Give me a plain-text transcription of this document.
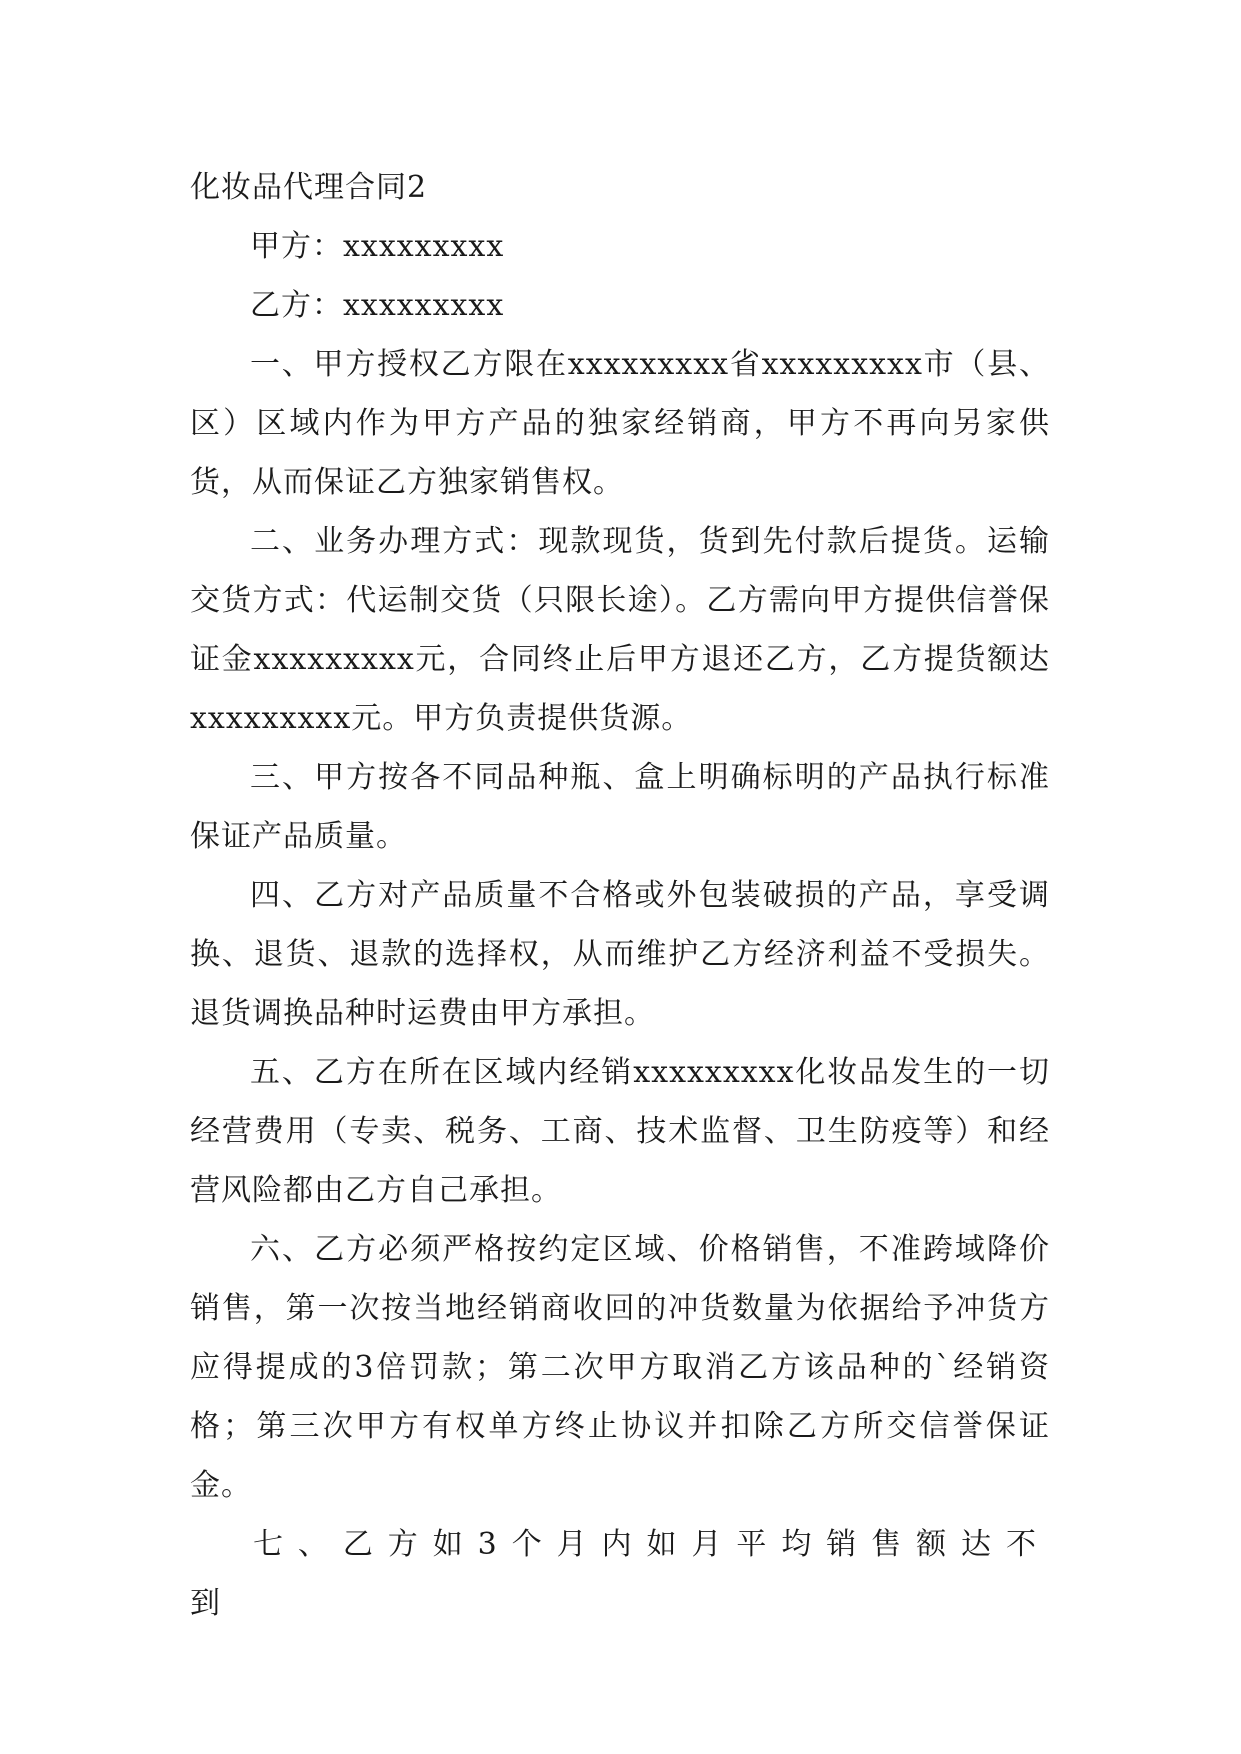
化妆品代理合同2

甲方：xxxxxxxxx

乙方：xxxxxxxxx

一、甲方授权乙方限在xxxxxxxxx省xxxxxxxxx市（县、区）区域内作为甲方产品的独家经销商，甲方不再向另家供货，从而保证乙方独家销售权。

二、业务办理方式：现款现货，货到先付款后提货。运输交货方式：代运制交货（只限长途）。乙方需向甲方提供信誉保证金xxxxxxxxx元，合同终止后甲方退还乙方，乙方提货额达xxxxxxxxx元。甲方负责提供货源。

三、甲方按各不同品种瓶、盒上明确标明的产品执行标准保证产品质量。

四、乙方对产品质量不合格或外包装破损的产品，享受调换、退货、退款的选择权，从而维护乙方经济利益不受损失。退货调换品种时运费由甲方承担。

五、乙方在所在区域内经销xxxxxxxxx化妆品发生的一切经营费用（专卖、税务、工商、技术监督、卫生防疫等）和经营风险都由乙方自己承担。

六、乙方必须严格按约定区域、价格销售，不准跨域降价销售，第一次按当地经销商收回的冲货数量为依据给予冲货方应得提成的3倍罚款；第二次甲方取消乙方该品种的`经销资格；第三次甲方有权单方终止协议并扣除乙方所交信誉保证金。

七、乙方如3个月内如月平均销售额达不到
